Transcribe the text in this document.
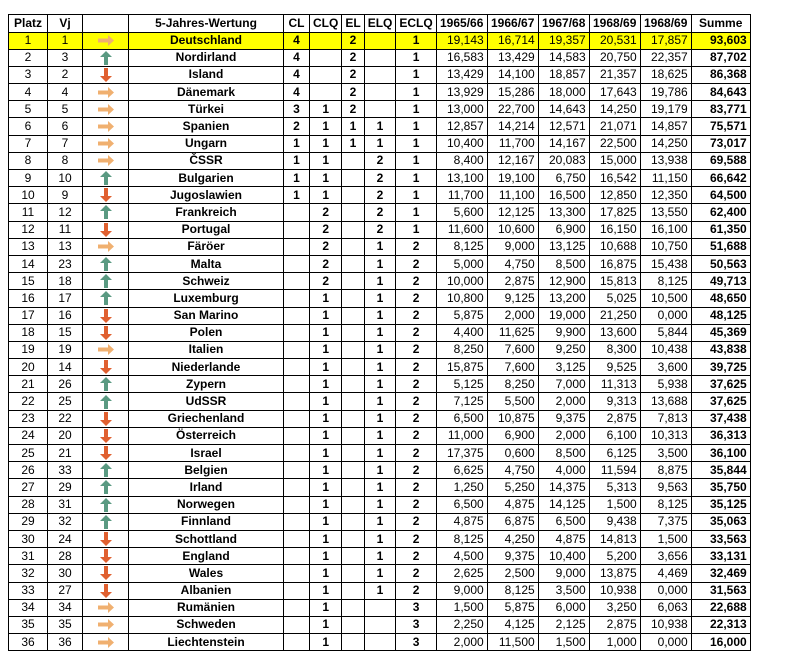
Platz	Vj		5-Jahres-Wertung	CL	CLQ	EL	ELQ	ECLQ	1965/66	1966/67	1967/68	1968/69	1968/69	Summe
1	1		Deutschland	4		2		1	19,143	16,714	19,357	20,531	17,857	93,603
2	3		Nordirland	4		2		1	16,583	13,429	14,583	20,750	22,357	87,702
3	2		Island	4		2		1	13,429	14,100	18,857	21,357	18,625	86,368
4	4		Dänemark	4		2		1	13,929	15,286	18,000	17,643	19,786	84,643
5	5		Türkei	3	1	2		1	13,000	22,700	14,643	14,250	19,179	83,771
6	6		Spanien	2	1	1	1	1	12,857	14,214	12,571	21,071	14,857	75,571
7	7		Ungarn	1	1	1	1	1	10,400	11,700	14,167	22,500	14,250	73,017
8	8		ČSSR	1	1		2	1	8,400	12,167	20,083	15,000	13,938	69,588
9	10		Bulgarien	1	1		2	1	13,100	19,100	6,750	16,542	11,150	66,642
10	9		Jugoslawien	1	1		2	1	11,700	11,100	16,500	12,850	12,350	64,500
11	12		Frankreich		2		2	1	5,600	12,125	13,300	17,825	13,550	62,400
12	11		Portugal		2		2	1	11,600	10,600	6,900	16,150	16,100	61,350
13	13		Färöer		2		1	2	8,125	9,000	13,125	10,688	10,750	51,688
14	23		Malta		2		1	2	5,000	4,750	8,500	16,875	15,438	50,563
15	18		Schweiz		2		1	2	10,000	2,875	12,900	15,813	8,125	49,713
16	17		Luxemburg		1		1	2	10,800	9,125	13,200	5,025	10,500	48,650
17	16		San Marino		1		1	2	5,875	2,000	19,000	21,250	0,000	48,125
18	15		Polen		1		1	2	4,400	11,625	9,900	13,600	5,844	45,369
19	19		Italien		1		1	2	8,250	7,600	9,250	8,300	10,438	43,838
20	14		Niederlande		1		1	2	15,875	7,600	3,125	9,525	3,600	39,725
21	26		Zypern		1		1	2	5,125	8,250	7,000	11,313	5,938	37,625
22	25		UdSSR		1		1	2	7,125	5,500	2,000	9,313	13,688	37,625
23	22		Griechenland		1		1	2	6,500	10,875	9,375	2,875	7,813	37,438
24	20		Österreich		1		1	2	11,000	6,900	2,000	6,100	10,313	36,313
25	21		Israel		1		1	2	17,375	0,600	8,500	6,125	3,500	36,100
26	33		Belgien		1		1	2	6,625	4,750	4,000	11,594	8,875	35,844
27	29		Irland		1		1	2	1,250	5,250	14,375	5,313	9,563	35,750
28	31		Norwegen		1		1	2	6,500	4,875	14,125	1,500	8,125	35,125
29	32		Finnland		1		1	2	4,875	6,875	6,500	9,438	7,375	35,063
30	24		Schottland		1		1	2	8,125	4,250	4,875	14,813	1,500	33,563
31	28		England		1		1	2	4,500	9,375	10,400	5,200	3,656	33,131
32	30		Wales		1		1	2	2,625	2,500	9,000	13,875	4,469	32,469
33	27		Albanien		1		1	2	9,000	8,125	3,500	10,938	0,000	31,563
34	34		Rumänien		1			3	1,500	5,875	6,000	3,250	6,063	22,688
35	35		Schweden		1			3	2,250	4,125	2,125	2,875	10,938	22,313
36	36		Liechtenstein		1			3	2,000	11,500	1,500	1,000	0,000	16,000
